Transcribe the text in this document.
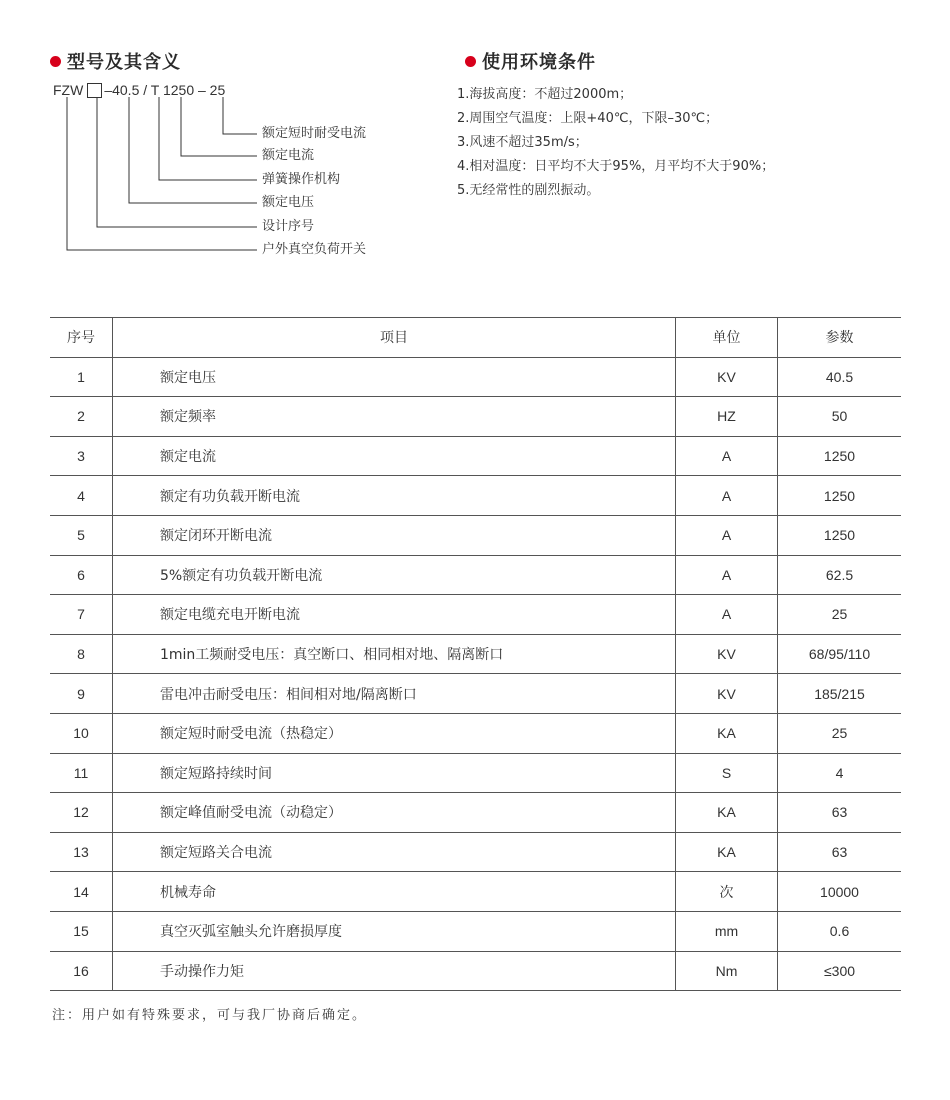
型号及其含义
FZW –40.5 / T 1250 – 25
额定短时耐受电流
额定电流
弹簧操作机构
额定电压
设计序号
户外真空负荷开关
使用环境条件
1.海拔高度：不超过2000m；
2.周围空气温度：上限+40℃，下限–30℃；
3.风速不超过35m/s；
4.相对温度：日平均不大于95%，月平均不大于90%；
5.无经常性的剧烈振动。
序号	项目	单位	参数
1	额定电压	KV	40.5
2	额定频率	HZ	50
3	额定电流	A	1250
4	额定有功负载开断电流	A	1250
5	额定闭环开断电流	A	1250
6	5%额定有功负载开断电流	A	62.5
7	额定电缆充电开断电流	A	25
8	1min工频耐受电压：真空断口、相同相对地、隔离断口	KV	68/95/110
9	雷电冲击耐受电压：相间相对地/隔离断口	KV	185/215
10	额定短时耐受电流（热稳定）	KA	25
11	额定短路持续时间	S	4
12	额定峰值耐受电流（动稳定）	KA	63
13	额定短路关合电流	KA	63
14	机械寿命	次	10000
15	真空灭弧室触头允许磨损厚度	mm	0.6
16	手动操作力矩	Nm	≤300
注：用户如有特殊要求，可与我厂协商后确定。
